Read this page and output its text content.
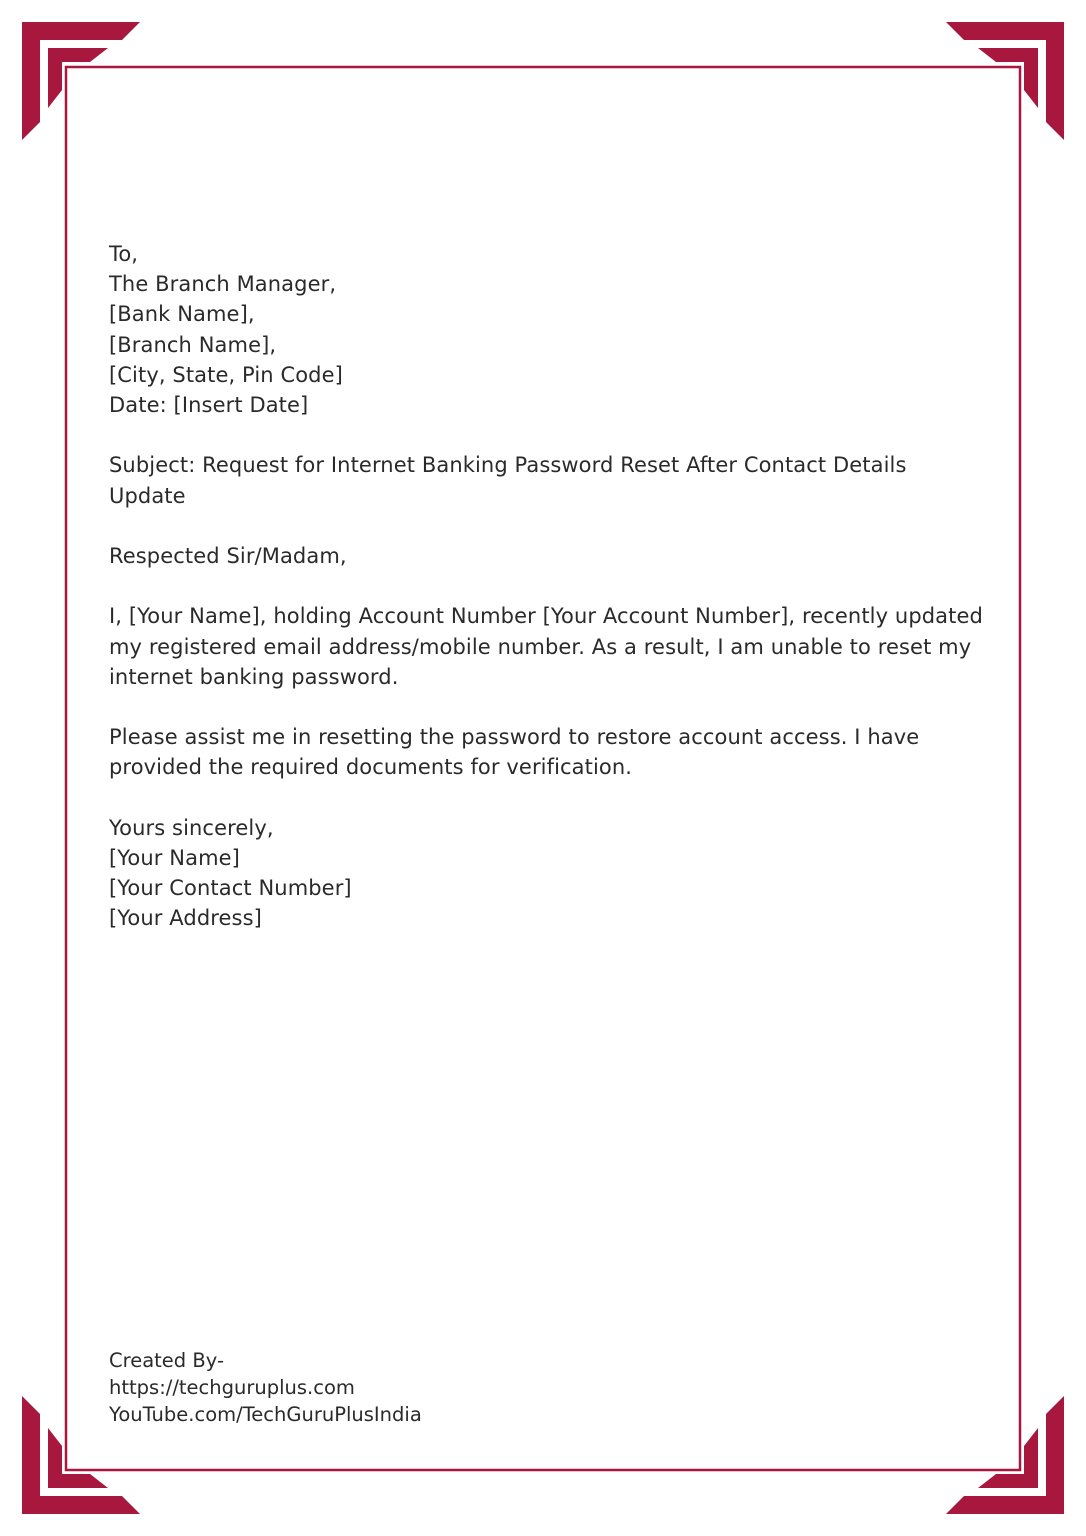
To,
The Branch Manager,
[Bank Name],
[Branch Name],
[City, State, Pin Code]
Date: [Insert Date]
Subject: Request for Internet Banking Password Reset After Contact Details Update
Respected Sir/Madam,
I, [Your Name], holding Account Number [Your Account Number], recently updated my registered email address/mobile number. As a result, I am unable to reset my internet banking password.
Please assist me in resetting the password to restore account access. I have provided the required documents for verification.
Yours sincerely,
[Your Name]
[Your Contact Number]
[Your Address]
Created By-
https://techguruplus.com
YouTube.com/TechGuruPlusIndia
